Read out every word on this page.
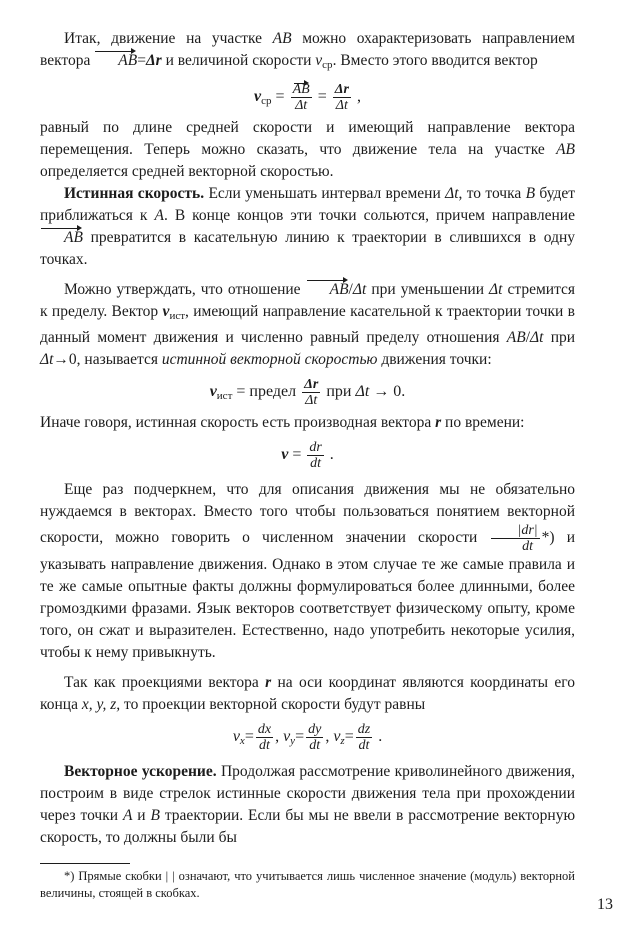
Итак, движение на участке AB можно охарактеризовать направлением вектора AB=Δr и величиной скорости vср. Вместо этого вводится вектор

vср = $\frac{AB}{\Delta t} = \frac{\Delta r}{\Delta t}$ ,

равный по длине средней скорости и имеющий направление вектора перемещения. Теперь можно сказать, что движение тела на участке AB определяется средней векторной скоростью.

Истинная скорость. Если уменьшать интервал времени Δt, то точка B будет приближаться к A. В конце концов эти точки сольются, причем направление AB превратится в касательную линию к траектории в слившихся в одну точках.

Можно утверждать, что отношение AB/Δt при уменьшении Δt стремится к пределу. Вектор vист, имеющий направление касательной к траектории точки в данный момент движения и численно равный пределу отношения AB/Δt при Δt→0, называется истинной векторной скоростью движения точки:

vист = предел $\frac{\Delta r}{\Delta t}$ при Δt → 0.

Иначе говоря, истинная скорость есть производная вектора r по времени:

$v = \frac{dr}{dt}$ .

Еще раз подчеркнем, что для описания движения мы не обязательно нуждаемся в векторах. Вместо того чтобы пользоваться понятием векторной скорости, можно говорить о численном значении скорости $\frac{|dr|}{dt}$ *) и указывать направление движения. Однако в этом случае те же самые правила и те же самые опытные факты должны формулироваться более длинными, более громоздкими фразами. Язык векторов соответствует физическому опыту, кроме того, он сжат и выразителен. Естественно, надо употребить некоторые усилия, чтобы к нему привыкнуть.

Так как проекциями вектора r на оси координат являются координаты его конца x, y, z, то проекции векторной скорости будут равны

$vx= \frac{dx}{dt}$ , $vy= \frac{dy}{dt}$ , $vz= \frac{dz}{dt}$ .

Векторное ускорение. Продолжая рассмотрение криволинейного движения, построим в виде стрелок истинные скорости движения тела при прохождении через точки A и B траектории. Если бы мы не ввели в рассмотрение векторную скорость, то должны были бы

*) Прямые скобки | | означают, что учитывается лишь численное значение (модуль) векторной величины, стоящей в скобках.

13
